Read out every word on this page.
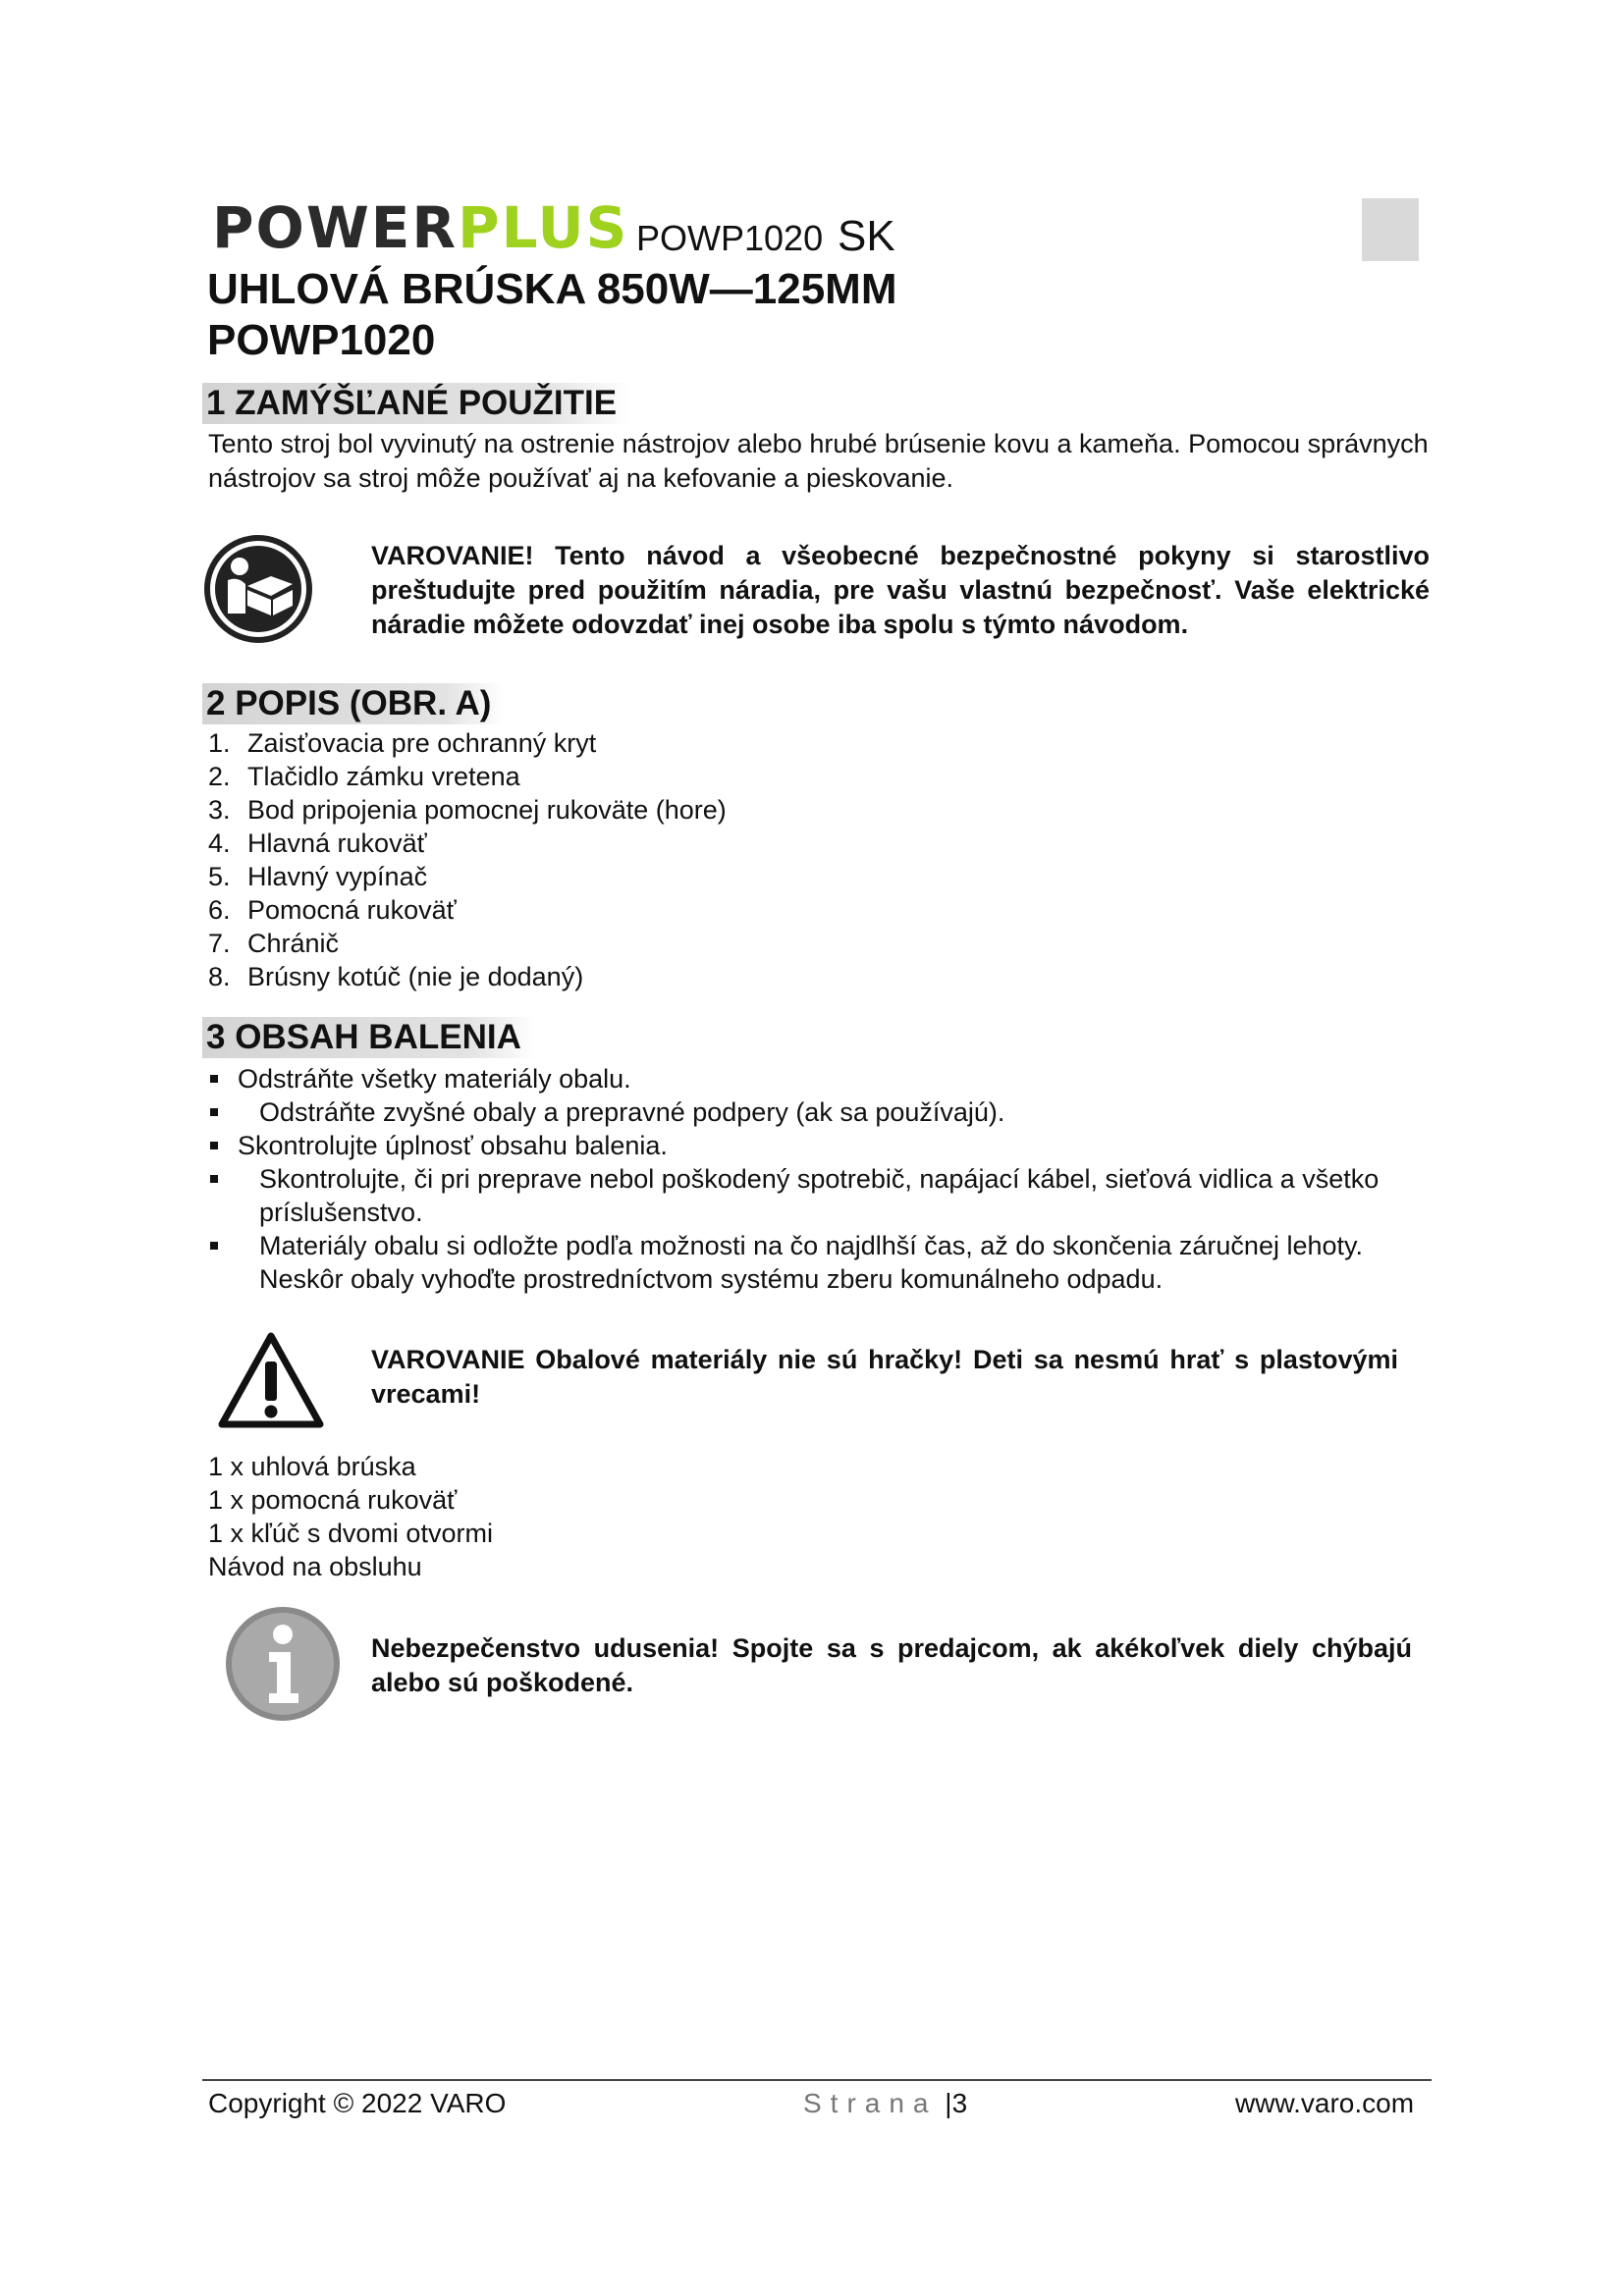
POWERPLUS POWP1020 SK
UHLOVÁ BRÚSKA 850W—125MM
POWP1020
1 ZAMÝŠĽANÉ POUŽITIE
Tento stroj bol vyvinutý na ostrenie nástrojov alebo hrubé brúsenie kovu a kameňa. Pomocou správnych nástrojov sa stroj môže používať aj na kefovanie a pieskovanie.
VAROVANIE! Tento návod a všeobecné bezpečnostné pokyny si starostlivo preštudujte pred použitím náradia, pre vašu vlastnú bezpečnosť. Vaše elektrické náradie môžete odovzdať inej osobe iba spolu s týmto návodom.
2 POPIS (OBR. A)
1. Zaisťovacia pre ochranný kryt
2. Tlačidlo zámku vretena
3. Bod pripojenia pomocnej rukoväte (hore)
4. Hlavná rukoväť
5. Hlavný vypínač
6. Pomocná rukoväť
7. Chránič
8. Brúsny kotúč (nie je dodaný)
3 OBSAH BALENIA
Odstráňte všetky materiály obalu.
Odstráňte zvyšné obaly a prepravné podpery (ak sa používajú).
Skontrolujte úplnosť obsahu balenia.
Skontrolujte, či pri preprave nebol poškodený spotrebič, napájací kábel, sieťová vidlica a všetko príslušenstvo.
Materiály obalu si odložte podľa možnosti na čo najdlhší čas, až do skončenia záručnej lehoty. Neskôr obaly vyhoďte prostredníctvom systému zberu komunálneho odpadu.
VAROVANIE Obalové materiály nie sú hračky! Deti sa nesmú hrať s plastovými vrecami!
1 x uhlová brúska
1 x pomocná rukoväť
1 x kľúč s dvomi otvormi
Návod na obsluhu
Nebezpečenstvo udusenia! Spojte sa s predajcom, ak akékoľvek diely chýbajú alebo sú poškodené.
Copyright © 2022 VARO	Strana |3	www.varo.com
